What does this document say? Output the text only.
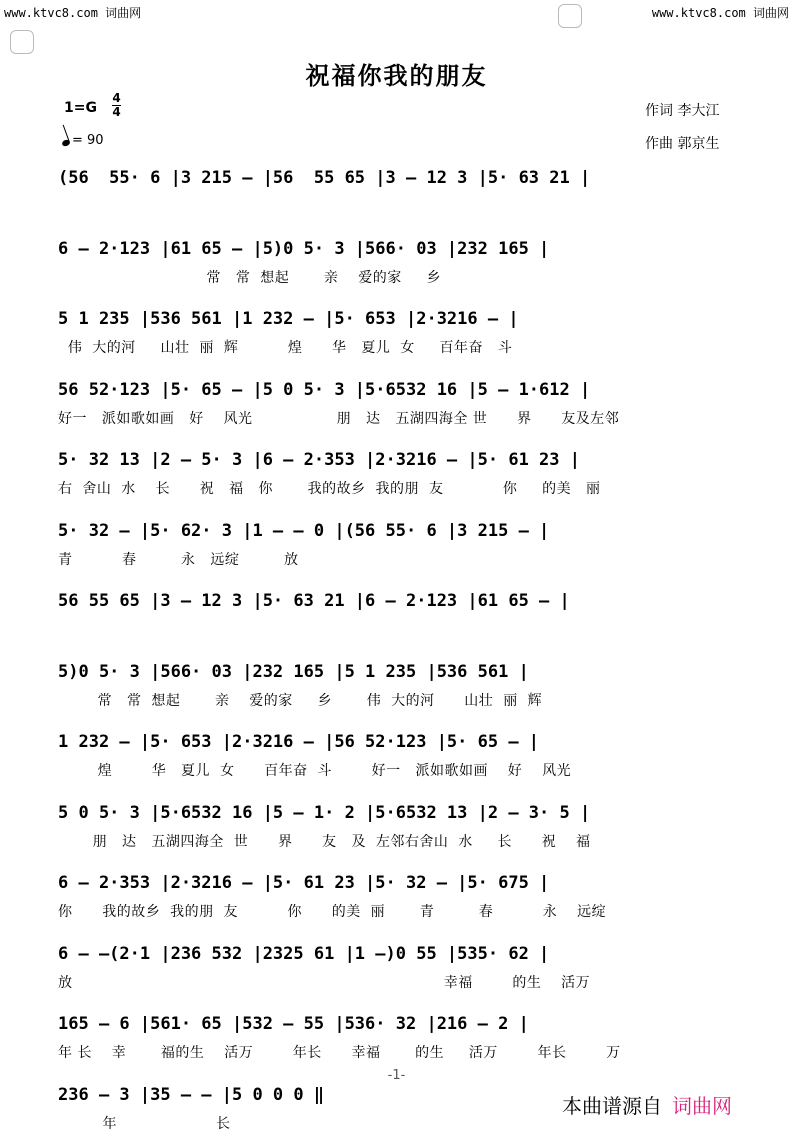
www.ktvc8.com 词曲网	www.ktvc8.com 词曲网
祝福你我的朋友
1=G
4
4
= 90
作词 李大江
作曲 郭京生
(56  55· 6 |3 215 – |56  55 65 |3 – 12 3 |5· 63 21 |
6 – 2·123 |61 65 – |5)0 5· 3 |566· 03 |232 165 |
常   常  想起       亲    爱的家     乡
5 1 235 |536 561 |1 232 – |5· 653 |2·3216 – |
伟  大的河     山壮  丽  辉          煌      华   夏儿  女     百年奋   斗
56 52·123 |5· 65 – |5 0 5· 3 |5·6532 16 |5 – 1·612 |
好一   派如歌如画   好    风光                 朋   达   五湖四海全 世      界      友及左邻
5· 32 13 |2 – 5· 3 |6 – 2·353 |2·3216 – |5· 61 23 |
右  舍山  水    长      祝   福   你       我的故乡  我的朋  友            你     的美   丽
5· 32 – |5· 62· 3 |1 – – 0 |(56 55· 6 |3 215 – |
青          春         永   远绽         放
56 55 65 |3 – 12 3 |5· 63 21 |6 – 2·123 |61 65 – |
5)0 5· 3 |566· 03 |232 165 |5 1 235 |536 561 |
常   常  想起       亲    爱的家     乡       伟  大的河      山壮  丽  辉
1 232 – |5· 653 |2·3216 – |56 52·123 |5· 65 – |
煌        华   夏儿  女      百年奋  斗        好一   派如歌如画    好    风光
5 0 5· 3 |5·6532 16 |5 – 1· 2 |5·6532 13 |2 – 3· 5 |
朋   达   五湖四海全  世      界      友   及  左邻右舍山  水     长      祝    福
6 – 2·353 |2·3216 – |5· 61 23 |5· 32 – |5· 675 |
你      我的故乡  我的朋  友          你      的美  丽       青         春          永    远绽
6 – –(2·1 |236 532 |2325 61 |1 –)0 55 |535· 62 |
放                                                                           幸福        的生    活万
165 – 6 |561· 65 |532 – 55 |536· 32 |216 – 2 |
年 长    幸       福的生    活万        年长      幸福       的生     活万        年长        万
236 – 3 |35 – – |5 0 0 0 ‖
年                    长
-1-
本曲谱源自 词曲网
